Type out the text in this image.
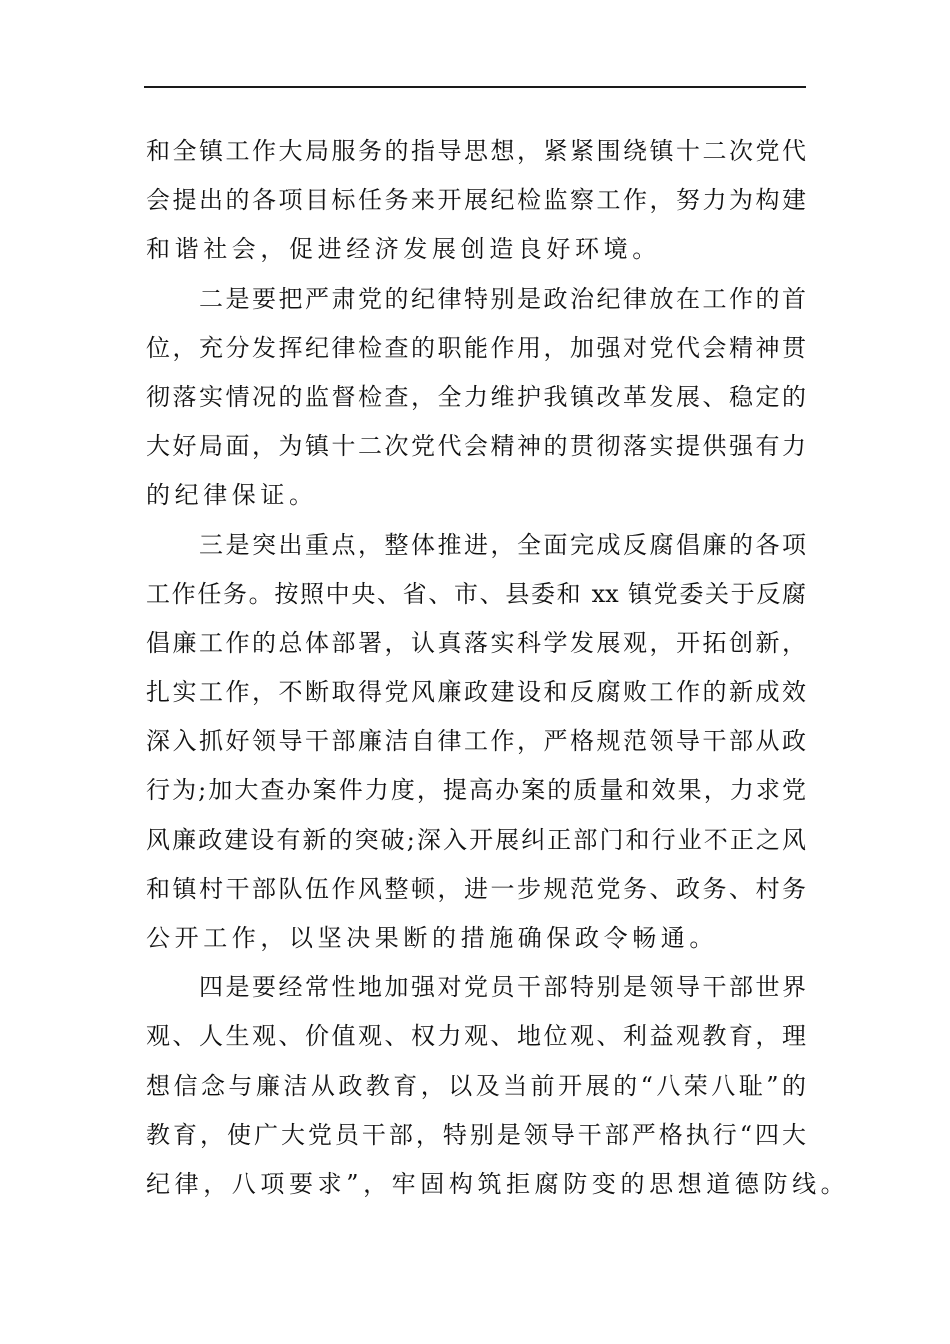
和全镇工作大局服务的指导思想，紧紧围绕镇十二次党代
会提出的各项目标任务来开展纪检监察工作，努力为构建
和谐社会，促进经济发展创造良好环境。
　　二是要把严肃党的纪律特别是政治纪律放在工作的首
位，充分发挥纪律检查的职能作用，加强对党代会精神贯
彻落实情况的监督检查，全力维护我镇改革发展、稳定的
大好局面，为镇十二次党代会精神的贯彻落实提供强有力
的纪律保证。
　　三是突出重点，整体推进，全面完成反腐倡廉的各项
工作任务。按照中央、省、市、县委和 xx 镇党委关于反腐
倡廉工作的总体部署，认真落实科学发展观，开拓创新，
扎实工作，不断取得党风廉政建设和反腐败工作的新成效
深入抓好领导干部廉洁自律工作，严格规范领导干部从政
行为;加大查办案件力度，提高办案的质量和效果，力求党
风廉政建设有新的突破;深入开展纠正部门和行业不正之风
和镇村干部队伍作风整顿，进一步规范党务、政务、村务
公开工作，以坚决果断的措施确保政令畅通。
　　四是要经常性地加强对党员干部特别是领导干部世界
观、人生观、价值观、权力观、地位观、利益观教育，理
想信念与廉洁从政教育，以及当前开展的“八荣八耻”的
教育，使广大党员干部，特别是领导干部严格执行“四大
纪律，八项要求”，牢固构筑拒腐防变的思想道德防线。
